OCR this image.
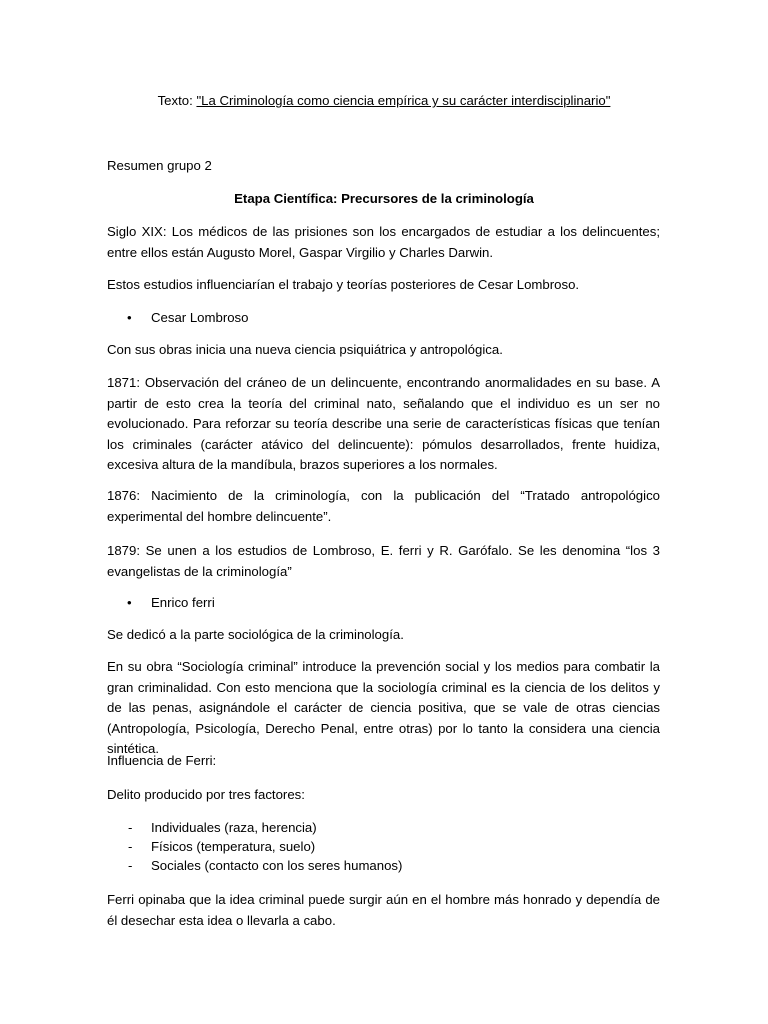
Texto: "La Criminología como ciencia empírica y su carácter interdisciplinario"

Resumen grupo 2

Etapa Científica: Precursores de la criminología

Siglo XIX: Los médicos de las prisiones son los encargados de estudiar a los delincuentes; entre ellos están Augusto Morel, Gaspar Virgilio y Charles Darwin.

Estos estudios influenciarían el trabajo y teorías posteriores de Cesar Lombroso.

• Cesar Lombroso

Con sus obras inicia una nueva ciencia psiquiátrica y antropológica.

1871: Observación del cráneo de un delincuente, encontrando anormalidades en su base. A partir de esto crea la teoría del criminal nato, señalando que el individuo es un ser no evolucionado. Para reforzar su teoría describe una serie de características físicas que tenían los criminales (carácter atávico del delincuente): pómulos desarrollados, frente huidiza, excesiva altura de la mandíbula, brazos superiores a los normales.

1876: Nacimiento de la criminología, con la publicación del “Tratado antropológico experimental del hombre delincuente”.

1879: Se unen a los estudios de Lombroso, E. ferri y R. Garófalo. Se les denomina “los 3 evangelistas de la criminología”

• Enrico ferri

Se dedicó a la parte sociológica de la criminología.

En su obra “Sociología criminal” introduce la prevención social y los medios para combatir la gran criminalidad. Con esto menciona que la sociología criminal es la ciencia de los delitos y de las penas, asignándole el carácter de ciencia positiva, que se vale de otras ciencias (Antropología, Psicología, Derecho Penal, entre otras) por lo tanto la considera una ciencia sintética.

Influencia de Ferri:

Delito producido por tres factores:

- Individuales (raza, herencia)
- Físicos (temperatura, suelo)
- Sociales (contacto con los seres humanos)

Ferri opinaba que la idea criminal puede surgir aún en el hombre más honrado y dependía de él desechar esta idea o llevarla a cabo.
